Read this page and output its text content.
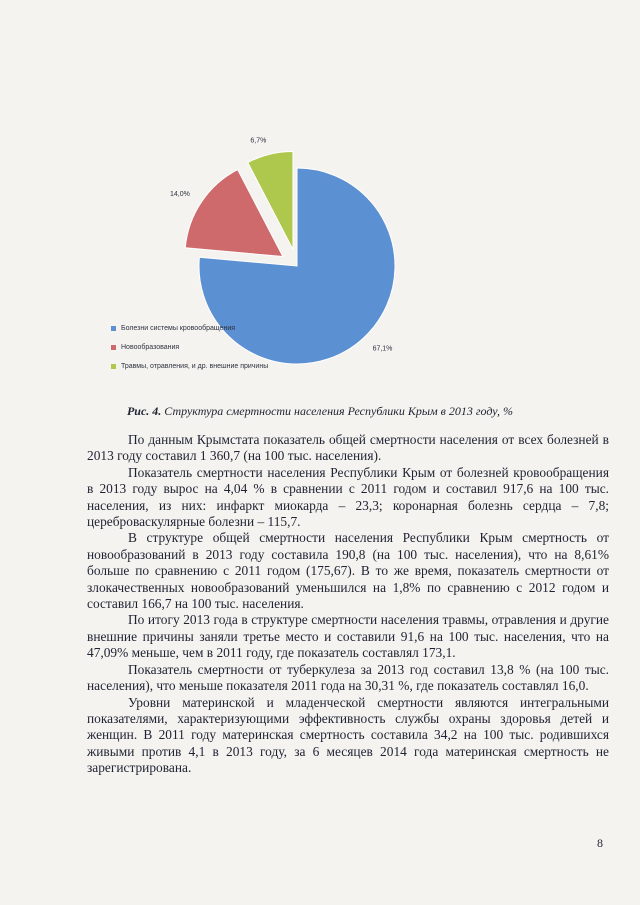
67,1%
14,0%
6,7%
Болезни системы кровообращения
Новообразования
Травмы, отравления, и др. внешние причины
Рис. 4. Структура смертности населения Республики Крым в 2013 году, %

По данным Крымстата показатель общей смертности населения от всех болезней в 2013 году составил 1 360,7 (на 100 тыс. населения).

Показатель смертности населения Республики Крым от болезней кровообращения в 2013 году вырос на 4,04 % в сравнении с 2011 годом и составил 917,6 на 100 тыс. населения, из них: инфаркт миокарда – 23,3; коронарная болезнь сердца – 7,8; цереброваскулярные болезни – 115,7.

В структуре общей смертности населения Республики Крым смертность от новообразований в 2013 году составила 190,8 (на 100 тыс. населения), что на 8,61% больше по сравнению с 2011 годом (175,67). В то же время, показатель смертности от злокачественных новообразований уменьшился на 1,8% по сравнению с 2012 годом и составил 166,7 на 100 тыс. населения.

По итогу 2013 года в структуре смертности населения травмы, отравления и другие внешние причины заняли третье место и составили 91,6 на 100 тыс. населения, что на 47,09% меньше, чем в 2011 году, где показатель составлял 173,1.

Показатель смертности от туберкулеза за 2013 год составил 13,8 % (на 100 тыс. населения), что меньше показателя 2011 года на 30,31 %, где показатель составлял 16,0.

Уровни материнской и младенческой смертности являются интегральными показателями, характеризующими эффективность службы охраны здоровья детей и женщин. В 2011 году материнская смертность составила 34,2 на 100 тыс. родившихся живыми против 4,1 в 2013 году, за 6 месяцев 2014 года материнская смертность не зарегистрирована.

8
